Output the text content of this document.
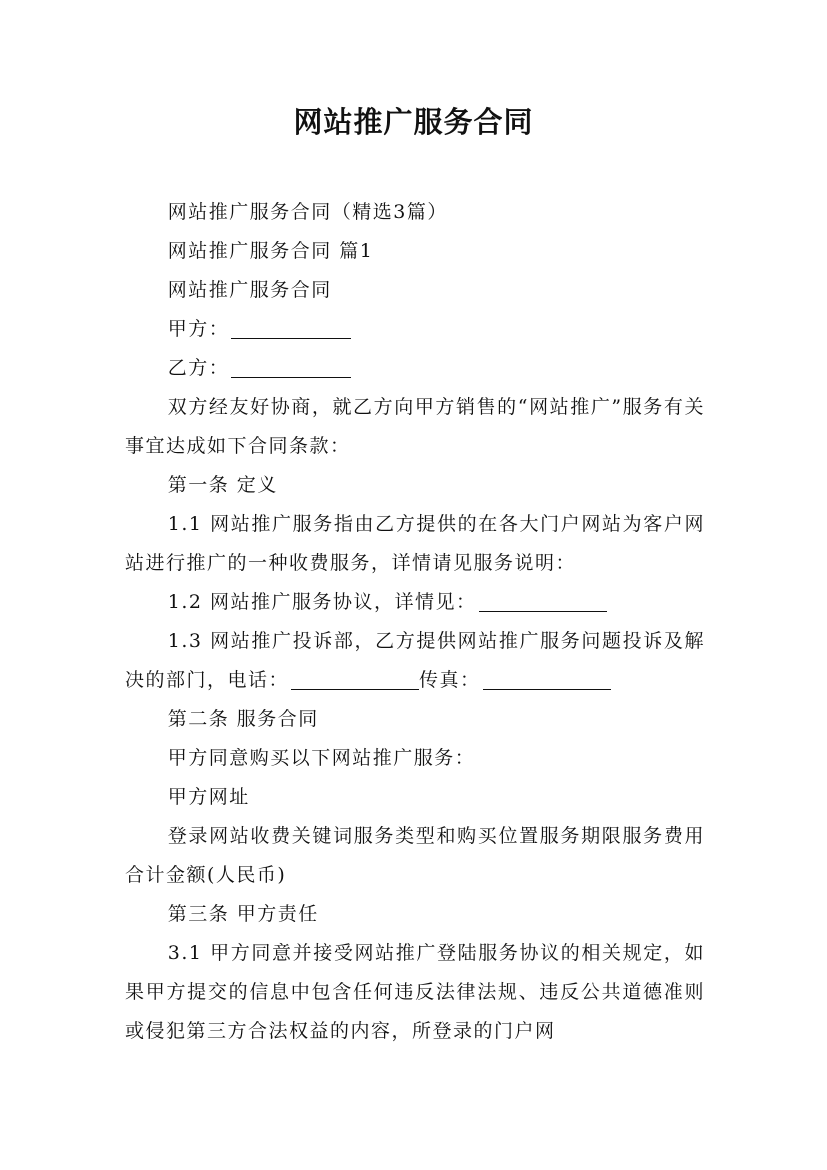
网站推广服务合同

网站推广服务合同（精选3篇）

网站推广服务合同 篇1

网站推广服务合同

甲方：

乙方：

双方经友好协商，就乙方向甲方销售的“网站推广”服务有关事宜达成如下合同条款：

第一条 定义

1.1 网站推广服务指由乙方提供的在各大门户网站为客户网站进行推广的一种收费服务，详情请见服务说明：

1.2 网站推广服务协议，详情见：

1.3 网站推广投诉部，乙方提供网站推广服务问题投诉及解决的部门，电话：	传真：

第二条 服务合同

甲方同意购买以下网站推广服务：

甲方网址

登录网站收费关键词服务类型和购买位置服务期限服务费用合计金额(人民币)

第三条 甲方责任

3.1 甲方同意并接受网站推广登陆服务协议的相关规定，如果甲方提交的信息中包含任何违反法律法规、违反公共道德准则或侵犯第三方合法权益的内容，所登录的门户网
